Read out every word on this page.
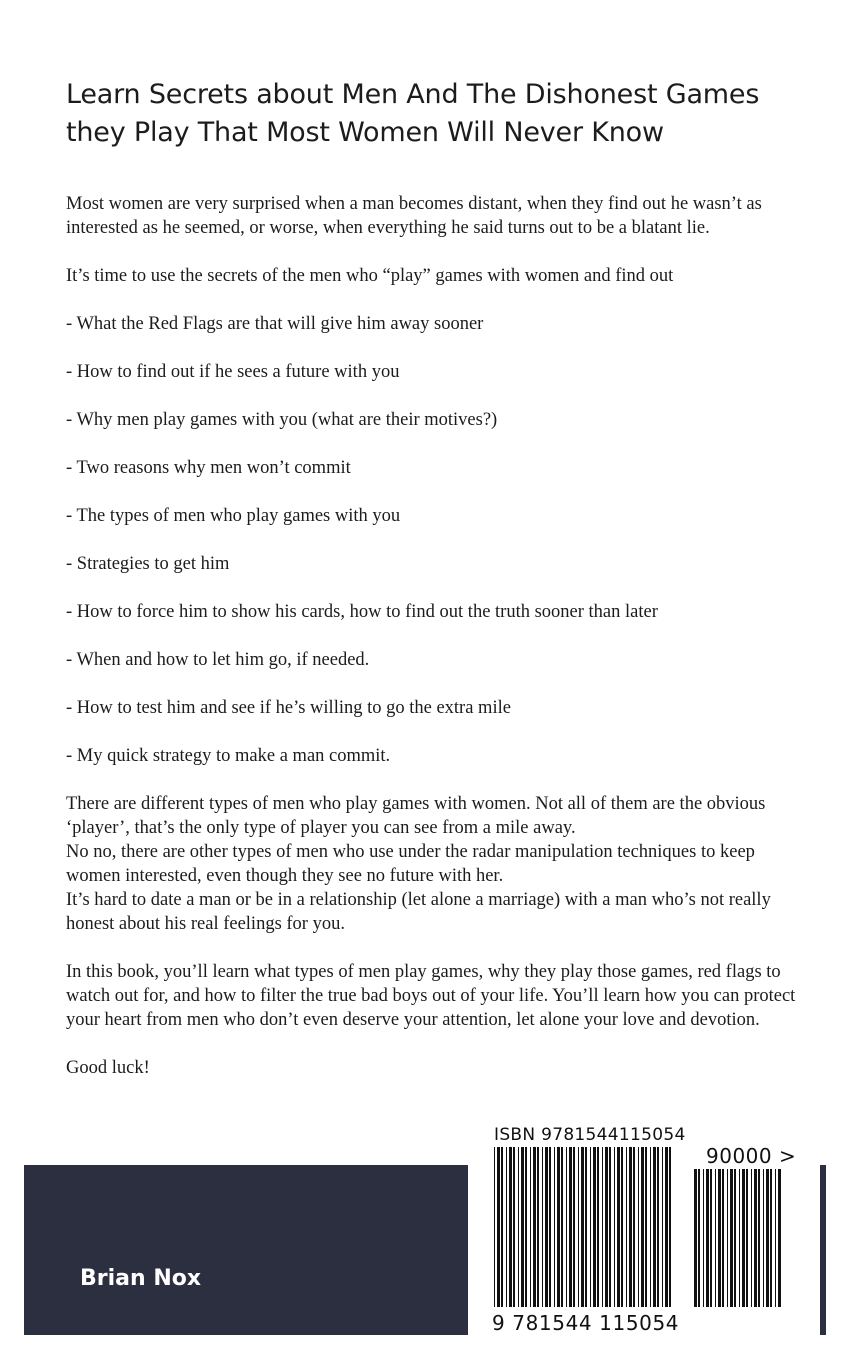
Learn Secrets about Men And The Dishonest Games
they Play That Most Women Will Never Know

Most women are very surprised when a man becomes distant, when they find out he wasn’t as interested as he seemed, or worse, when everything he said turns out to be a blatant lie.

It’s time to use the secrets of the men who “play” games with women and find out

- What the Red Flags are that will give him away sooner
- How to find out if he sees a future with you
- Why men play games with you (what are their motives?)
- Two reasons why men won’t commit
- The types of men who play games with you
- Strategies to get him
- How to force him to show his cards, how to find out the truth sooner than later
- When and how to let him go, if needed.
- How to test him and see if he’s willing to go the extra mile
- My quick strategy to make a man commit.

There are different types of men who play games with women. Not all of them are the obvious ‘player’, that’s the only type of player you can see from a mile away.

No no, there are other types of men who use under the radar manipulation techniques to keep women interested, even though they see no future with her.

It’s hard to date a man or be in a relationship (let alone a marriage) with a man who’s not really honest about his real feelings for you.

In this book, you’ll learn what types of men play games, why they play those games, red flags to watch out for, and how to filter the true bad boys out of your life. You’ll learn how you can protect your heart from men who don’t even deserve your attention, let alone your love and devotion.

Good luck!

Brian Nox
ISBN 9781544115054
90000 >
9 781544 115054
